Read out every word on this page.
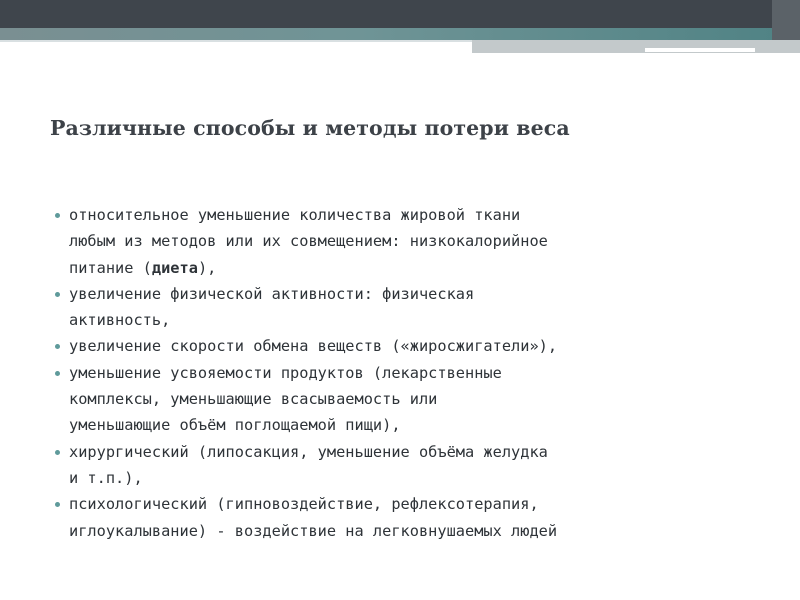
Различные способы и методы потери веса
относительное уменьшение количества жировой ткани
любым из методов или их совмещением: низкокалорийное
питание (диета),
увеличение физической активности: физическая
активность,
увеличение скорости обмена веществ («жиросжигатели»),
уменьшение усвояемости продуктов (лекарственные
комплексы, уменьшающие всасываемость или
уменьшающие объём поглощаемой пищи),
хирургический (липосакция, уменьшение объёма желудка
и т.п.),
психологический (гипновоздействие, рефлексотерапия,
иглоукалывание) - воздействие на легковнушаемых людей
